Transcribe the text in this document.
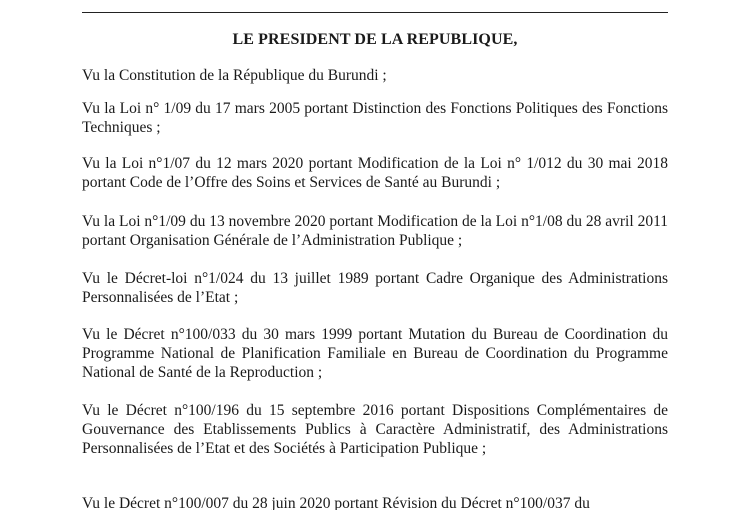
LE PRESIDENT DE LA REPUBLIQUE,

Vu la Constitution de la République du Burundi ;

Vu la Loi n° 1/09 du 17 mars 2005 portant Distinction des Fonctions Politiques des Fonctions Techniques ;

Vu la Loi n°1/07 du 12 mars 2020 portant Modification de la Loi n° 1/012 du 30 mai 2018 portant Code de l’Offre des Soins et Services de Santé au Burundi ;

Vu la Loi n°1/09 du 13 novembre 2020 portant Modification de la Loi n°1/08 du 28 avril 2011 portant Organisation Générale de l’Administration Publique ;

Vu le Décret-loi n°1/024 du 13 juillet 1989 portant Cadre Organique des Administrations Personnalisées de l’Etat ;

Vu le Décret n°100/033 du 30 mars 1999 portant Mutation du Bureau de Coordination du Programme National de Planification Familiale en Bureau de Coordination du Programme National de Santé de la Reproduction ;

Vu le Décret n°100/196 du 15 septembre 2016 portant Dispositions Complémentaires de Gouvernance des Etablissements Publics à Caractère Administratif, des Administrations Personnalisées de l’Etat et des Sociétés à Participation Publique ;

Vu le Décret n°100/007 du 28 juin 2020 portant Révision du Décret n°100/037 du
